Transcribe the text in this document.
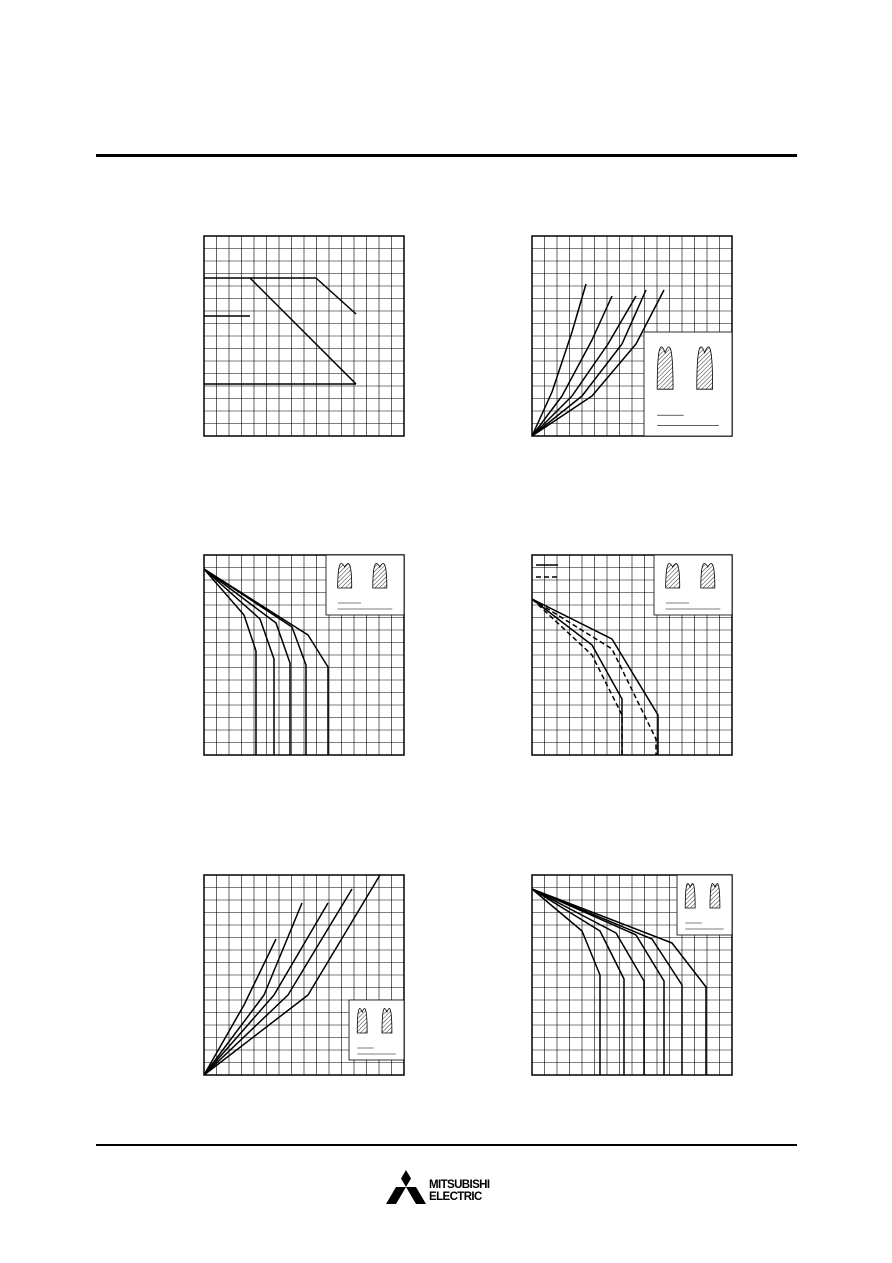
MITSUBISHI
ELECTRIC
